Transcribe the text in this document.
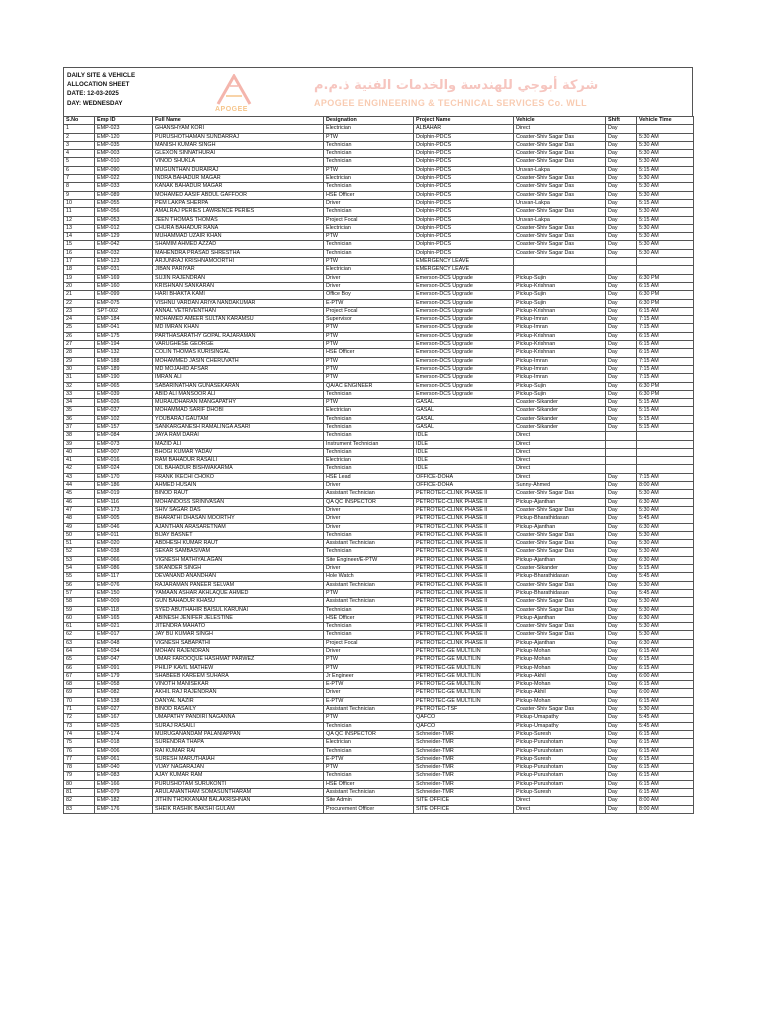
DAILY SITE & VEHICLE
ALLOCATION SHEET
DATE: 12-03-2025
DAY: WEDNESDAY
APOGEE
شركة أبوجي للهندسة والخدمات الفنية ذ.م.م
APOGEE ENGINEERING & TECHNICAL SERVICES Co. WLL
S.No	Emp ID	Full Name	Designation	Project Name	Vehicle	Shift	Vehicle Time
1	EMP-023	GHANSHYAM KORI	Electrician	ALBAHAR	Direct	Day	
2	EMP-120	PURUSHOTHAMAN SUNDARRAJ	PTW	Dolphin-PDCS	Coaster-Shiv Sagar Das	Day	5:30 AM
3	EMP-035	MANISH KUMAR SINGH	Technician	Dolphin-PDCS	Coaster-Shiv Sagar Das	Day	5:30 AM
4	EMP-003	GLEXON SINNATHURAI	Technician	Dolphin-PDCS	Coaster-Shiv Sagar Das	Day	5:30 AM
5	EMP-010	VINOD SHUKLA	Technician	Dolphin-PDCS	Coaster-Shiv Sagar Das	Day	5:30 AM
6	EMP-090	MUGUNTHAN DURAIRAJ	PTW	Dolphin-PDCS	Uruvan-Lakpa	Day	5:15 AM
7	EMP-022	INDRA BAHADUR MAGAR	Electrician	Dolphin-PDCS	Coaster-Shiv Sagar Das	Day	5:30 AM
8	EMP-033	KANAK BAHADUR MAGAR	Technician	Dolphin-PDCS	Coaster-Shiv Sagar Das	Day	5:30 AM
9	EMP-089	MOHAMED AASIF ABDUL GAFFOOR	HSE Officer	Dolphin-PDCS	Coaster-Shiv Sagar Das	Day	5:30 AM
10	EMP-055	PEM LAKPA SHERPA	Driver	Dolphin-PDCS	Uruvan-Lakpa	Day	5:15 AM
11	EMP-056	AMALRAJ PERIES LAWRENCE PERIES	Technician	Dolphin-PDCS	Coaster-Shiv Sagar Das	Day	5:30 AM
12	EMP-053	JEEN THOMAS THOMAS	Project Focal	Dolphin-PDCS	Uruvan-Lakpa	Day	5:15 AM
13	EMP-012	CHURA BAHADUR RANA	Electrician	Dolphin-PDCS	Coaster-Shiv Sagar Das	Day	5:30 AM
14	EMP-129	MUHAMMAD UZAIR KHAN	PTW	Dolphin-PDCS	Coaster-Shiv Sagar Das	Day	5:30 AM
15	EMP-042	SHAMIM AHMED AZZAD	Technician	Dolphin-PDCS	Coaster-Shiv Sagar Das	Day	5:30 AM
16	EMP-032	MAHENDRA PRASAD SHRESTHA	Technician	Dolphin-PDCS	Coaster-Shiv Sagar Das	Day	5:30 AM
17	EMP-123	ARJUNRAJ KRISHNAMOORTHI	PTW	EMERGENCY LEAVE			
18	EMP-031	JIBAN PARIYAR	Electrician	EMERGENCY LEAVE			
19	EMP-169	SUJIN RAJENDRAN	Driver	Emerson-DCS Upgrade	Pickup-Sujin	Day	6:30 PM
20	EMP-160	KRISHNAN SANKARAN	Driver	Emerson-DCS Upgrade	Pickup-Krishnan	Day	6:15 AM
21	EMP-099	HARI BHAKTA KAMI	Office Boy	Emerson-DCS Upgrade	Pickup-Sujin	Day	6:30 PM
22	EMP-075	VISHNU VARDAN ARIYA NANDAKUMAR	E-PTW	Emerson-DCS Upgrade	Pickup-Sujin	Day	6:30 PM
23	SPT-002	ANNAL VETRIVENTHAN	Project Focal	Emerson-DCS Upgrade	Pickup-Krishnan	Day	6:15 AM
24	EMP-184	MOHAMED AMEER SULTAN KARAMSU	Supervisor	Emerson-DCS Upgrade	Pickup-Imran	Day	7:15 AM
25	EMP-041	MD IMRAN KHAN	PTW	Emerson-DCS Upgrade	Pickup-Imran	Day	7:15 AM
26	EMP-175	PARTHASARATHY GOPAL RAJARAMAN	PTW	Emerson-DCS Upgrade	Pickup-Krishnan	Day	6:15 AM
27	EMP-194	VARUGHESE GEORGE	PTW	Emerson-DCS Upgrade	Pickup-Krishnan	Day	6:15 AM
28	EMP-132	COLIN THOMAS KURISINGAL	HSE Officer	Emerson-DCS Upgrade	Pickup-Krishnan	Day	6:15 AM
29	EMP-188	MOHAMMED JASIN CHERUVATH	PTW	Emerson-DCS Upgrade	Pickup-Imran	Day	7:15 AM
30	EMP-189	MD MOJAHID AFSAR	PTW	Emerson-DCS Upgrade	Pickup-Imran	Day	7:15 AM
31	EMP-190	IMRAN ALI	PTW	Emerson-DCS Upgrade	Pickup-Imran	Day	7:15 AM
32	EMP-065	SABARINATHAN GUNASEKARAN	QA/AC ENGINEER	Emerson-DCS Upgrade	Pickup-Sujin	Day	6:30 PM
33	EMP-039	ABID ALI MANSOOR ALI	Technician	Emerson-DCS Upgrade	Pickup-Sujin	Day	6:30 PM
34	EMP-026	MURAUDHARAN MANGAPATHY	PTW	GASAL	Coaster-Sikander	Day	5:15 AM
35	EMP-037	MOHAMMAD SARIF DHOBI	Electrician	GASAL	Coaster-Sikander	Day	5:15 AM
36	EMP-102	YOUBARAJ GAUTAM	Technician	GASAL	Coaster-Sikander	Day	5:15 AM
37	EMP-157	SANKARGANESH RAMALINGA ASARI	Technician	GASAL	Coaster-Sikander	Day	5:15 AM
38	EMP-084	JAYA RAM DARAI	Technician	IDLE	Direct		
39	EMP-073	MAZID ALI	Instrument Technician	IDLE	Direct		
40	EMP-007	BHOGI KUMAR YADAV	Technician	IDLE	Direct		
41	EMP-016	RAM BAHADUR RASAILI	Electrician	IDLE	Direct		
42	EMP-024	DIL BAHADUR BISHWAKARMA	Technician	IDLE	Direct		
43	EMP-170	FRANK IKECHI CHOKO	HSE Lead	OFFICE-DOHA	Direct	Day	7:15 AM
44	EMP-186	AHMED HUSAIN	Driver	OFFICE-DOHA	Sunny-Ahmed	Day	8:00 AM
45	EMP-019	BINOD RAUT	Assistant Technician	PETROTEC-CLINK PHASE II	Coaster-Shiv Sagar Das	Day	5:30 AM
46	EMP-116	MOHANDOSS SRINIVASAN	QA QC INSPECTOR	PETROTEC-CLINK PHASE II	Pickup-Ajanthan	Day	6:30 AM
47	EMP-173	SHIV SAGAR DAS	Driver	PETROTEC-CLINK PHASE II	Coaster-Shiv Sagar Das	Day	5:30 AM
48	EMP-005	BHARATHI DHASAN MOORTHY	Driver	PETROTEC-CLINK PHASE II	Pickup-Bharathidasan	Day	5:45 AM
49	EMP-046	AJANTHAN ARASARETNAM	Driver	PETROTEC-CLINK PHASE II	Pickup-Ajanthan	Day	6:30 AM
50	EMP-011	BIJAY BASNET	Technician	PETROTEC-CLINK PHASE II	Coaster-Shiv Sagar Das	Day	5:30 AM
51	EMP-020	ABDHESH KUMAR RAUT	Assistant Technician	PETROTEC-CLINK PHASE II	Coaster-Shiv Sagar Das	Day	5:30 AM
52	EMP-038	SEKAR SAMBASIVAM	Technician	PETROTEC-CLINK PHASE II	Coaster-Shiv Sagar Das	Day	5:30 AM
53	EMP-066	VIGNESH MATHIYALAGAN	Site Engineer/E-PTW	PETROTEC-CLINK PHASE II	Pickup-Ajanthan	Day	6:30 AM
54	EMP-086	SIKANDER SINGH	Driver	PETROTEC-CLINK PHASE II	Coaster-Sikander	Day	5:15 AM
55	EMP-117	DEVANAND ANANDHAN	Hole Watch	PETROTEC-CLINK PHASE II	Pickup-Bharathidasan	Day	5:45 AM
56	EMP-076	RAJARAMAN PANEER SELVAM	Assistant Technician	PETROTEC-CLINK PHASE II	Coaster-Shiv Sagar Das	Day	5:30 AM
57	EMP-150	YAMAAN ASHAR AKHLAQUE AHMED	PTW	PETROTEC-CLINK PHASE II	Pickup-Bharathidasan	Day	5:45 AM
58	EMP-009	GUN BAHADUR KHASU	Assistant Technician	PETROTEC-CLINK PHASE II	Coaster-Shiv Sagar Das	Day	5:30 AM
59	EMP-118	SYED ABUTHAHIR BAISUL KARUNAI	Technician	PETROTEC-CLINK PHASE II	Coaster-Shiv Sagar Das	Day	5:30 AM
60	EMP-165	ABINESH JENIFER JELESTINE	HSE Officer	PETROTEC-CLINK PHASE II	Pickup-Ajanthan	Day	6:30 AM
61	EMP-021	JITENDRA MAHATO	Technician	PETROTEC-CLINK PHASE II	Coaster-Shiv Sagar Das	Day	5:30 AM
62	EMP-017	JAY BU KUMAR SINGH	Technician	PETROTEC-CLINK PHASE II	Coaster-Shiv Sagar Das	Day	5:30 AM
63	EMP-048	VIGNESH SABAPATHI	Project Focal	PETROTEC-CLINK PHASE II	Pickup-Ajanthan	Day	6:30 AM
64	EMP-034	MOHAN RAJENDRAN	Driver	PETROTEC-GE MULTILIN	Pickup-Mohan	Day	6:15 AM
65	EMP-047	UMAR FAROOQUE HASHMAT PARWEZ	PTW	PETROTEC-GE MULTILIN	Pickup-Mohan	Day	6:15 AM
66	EMP-091	PHILIP KAVIL MATHEW	PTW	PETROTEC-GE MULTILIN	Pickup-Mohan	Day	6:15 AM
67	EMP-179	SHABEEB KAREEM SUHARA	Jr Engineer	PETROTEC-GE MULTILIN	Pickup-Akhil	Day	6:00 AM
68	EMP-058	VINOTH MANISEKAR	E-PTW	PETROTEC-GE MULTILIN	Pickup-Mohan	Day	6:15 AM
69	EMP-082	AKHIL RAJ RAJENDRAN	Driver	PETROTEC-GE MULTILIN	Pickup-Akhil	Day	6:00 AM
70	EMP-138	DANYAL NAZIR	E-PTW	PETROTEC-GE MULTILIN	Pickup-Mohan	Day	6:15 AM
71	EMP-027	BINOD RASAILY	Assistant Technician	PETROTEC-TSF	Coaster-Shiv Sagar Das	Day	5:30 AM
72	EMP-167	UMAPATHY PANDIRI NAGANNA	PTW	QAFCO	Pickup-Umapathy	Day	5:45 AM
73	EMP-025	SURAJ RASAILI	Technician	QAFCO	Pickup-Umapathy	Day	5:45 AM
74	EMP-174	MURUGANANDAM PALANIAPPAN	QA QC INSPECTOR	Schneider-TMR	Pickup-Suresh	Day	6:15 AM
75	EMP-018	SURENDRA THAPA	Electrician	Schneider-TMR	Pickup-Purushotam	Day	6:15 AM
76	EMP-006	RAI KUMAR RAI	Technician	Schneider-TMR	Pickup-Purushotam	Day	6:15 AM
77	EMP-061	SURESH MARUTHAIAH	E-PTW	Schneider-TMR	Pickup-Suresh	Day	6:15 AM
78	EMP-040	VIJAY NAGARAJAN	PTW	Schneider-TMR	Pickup-Purushotam	Day	6:15 AM
79	EMP-083	AJAY KUMAR RAM	Technician	Schneider-TMR	Pickup-Purushotam	Day	6:15 AM
80	EMP-166	PURUSHOTAM SURUKONTI	HSE Officer	Schneider-TMR	Pickup-Purushotam	Day	6:15 AM
81	EMP-079	ARULANANTHAM SOMASUNTHARAM	Assistant Technician	Schneider-TMR	Pickup-Suresh	Day	6:15 AM
82	EMP-182	JITHIN THOKKANAM BALAKRISHNAN	Site Admin	SITE OFFICE	Direct	Day	8:00 AM
83	EMP-176	SHEIK RASHIK BAKSHI GULAM	Procurement Officer	SITE OFFICE	Direct	Day	8:00 AM
